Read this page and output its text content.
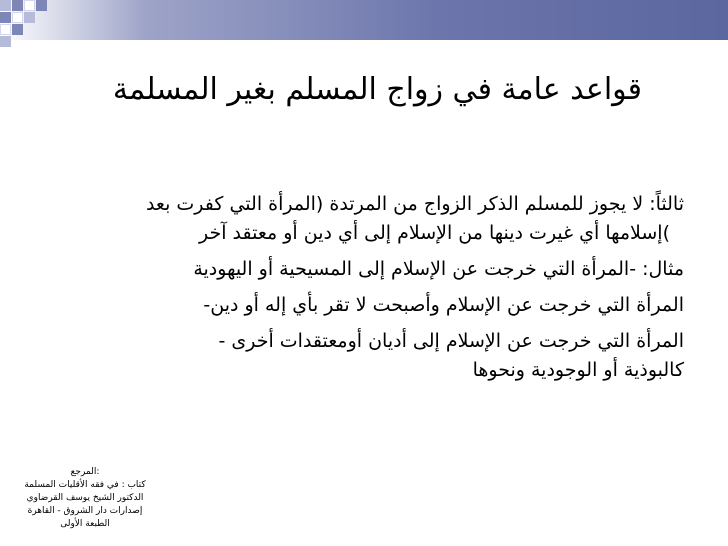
قواعد عامة في زواج المسلم بغير المسلمة

ثالثاً: لا يجوز للمسلم الذكر الزواج من المرتدة (المرأة التي كفرت بعد

)إسلامها أي غيرت دينها من الإسلام إلى أي دين أو معتقد آخر

مثال: -المرأة التي خرجت عن الإسلام إلى المسيحية أو اليهودية

المرأة التي خرجت عن الإسلام وأصبحت لا تقر بأي إله أو دين-

المرأة التي خرجت عن الإسلام إلى أديان أومعتقدات أخرى -

كالبوذية أو الوجودية ونحوها

:المرجع
كتاب : في فقه الأقليات المسلمة
الدكتور الشيخ يوسف القرضاوي
إصدارات دار الشروق - القاهرة
الطبعة الأولى
